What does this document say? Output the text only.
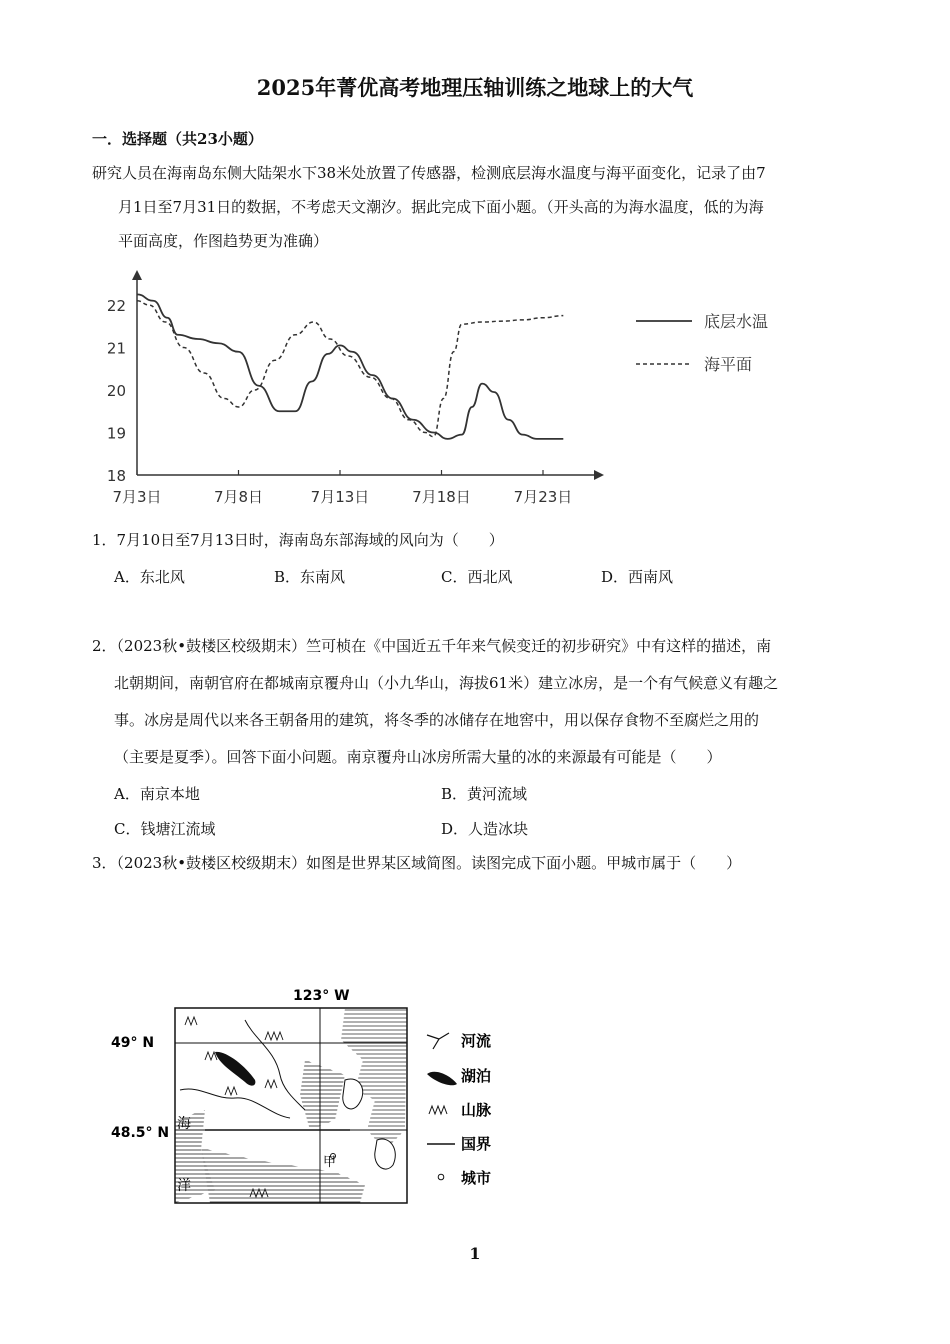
2025年菁优高考地理压轴训练之地球上的大气
一．选择题（共23小题）

研究人员在海南岛东侧大陆架水下38米处放置了传感器，检测底层海水温度与海平面变化，记录了由7

月1日至7月31日的数据，不考虑天文潮汐。据此完成下面小题。（开头高的为海水温度，低的为海

平面高度，作图趋势更为准确）

18
19
20
21
22
7月3日	7月8日	7月13日	7月18日	7月23日
底层水温
海平面
1．7月10日至7月13日时，海南岛东部海域的风向为（　　）
A．东北风	B．东南风	C．西北风	D．西南风
2．（2023秋•鼓楼区校级期末）竺可桢在《中国近五千年来气候变迁的初步研究》中有这样的描述，南
北朝期间，南朝官府在都城南京覆舟山（小九华山，海拔61米）建立冰房，是一个有气候意义有趣之
事。冰房是周代以来各王朝备用的建筑，将冬季的冰储存在地窖中，用以保存食物不至腐烂之用的
（主要是夏季）。回答下面小问题。南京覆舟山冰房所需大量的冰的来源最有可能是（　　）
A．南京本地	B．黄河流域
C．钱塘江流域	D．人造冰块
3．（2023秋•鼓楼区校级期末）如图是世界某区域简图。读图完成下面小题。甲城市属于（　　）
123° W
49° N
48.5° N
海
洋
甲
河流
湖泊
山脉
国界
城市
1
